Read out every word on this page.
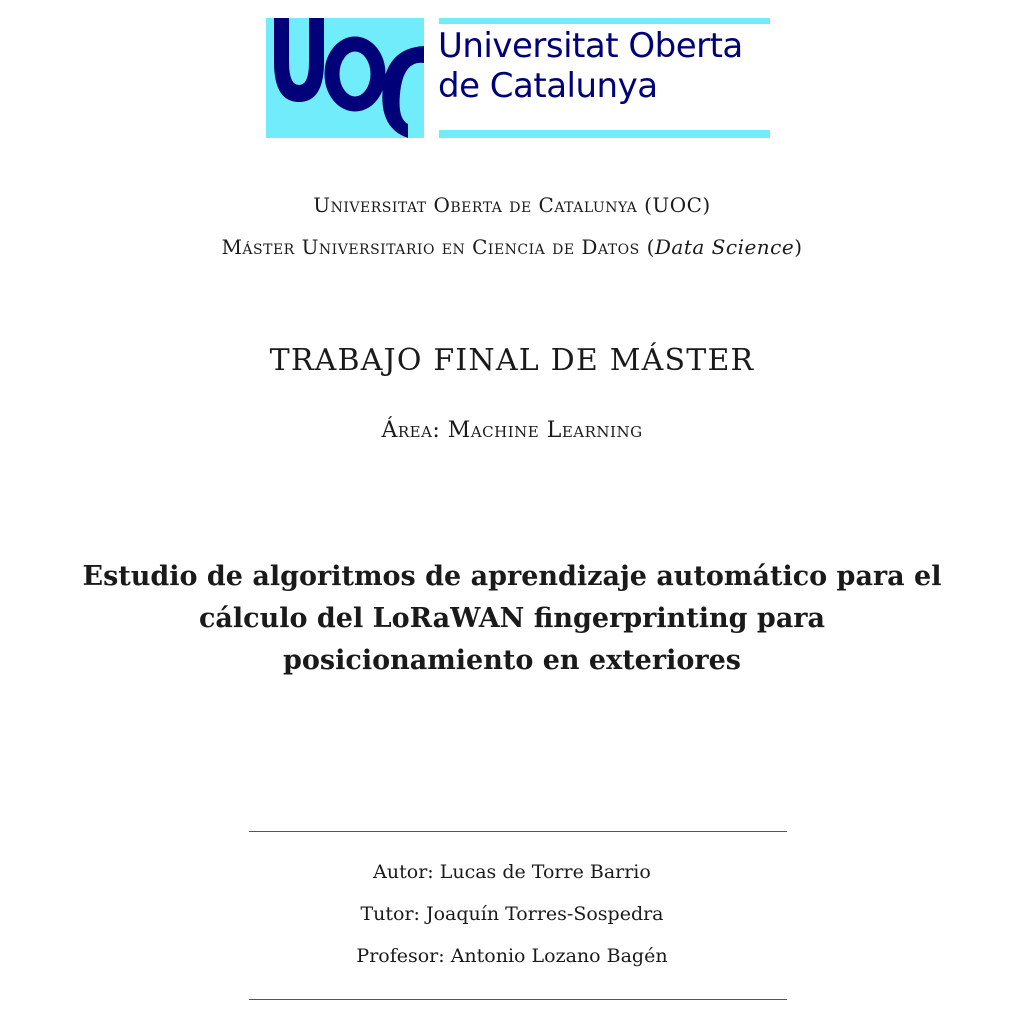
Universitat Oberta
de Catalunya
Universitat Oberta de Catalunya (UOC)
Máster Universitario en Ciencia de Datos (Data Science)
TRABAJO FINAL DE MÁSTER
Área: Machine Learning
Estudio de algoritmos de aprendizaje automático para el
cálculo del LoRaWAN fingerprinting para
posicionamiento en exteriores
Autor: Lucas de Torre Barrio
Tutor: Joaquín Torres-Sospedra
Profesor: Antonio Lozano Bagén
